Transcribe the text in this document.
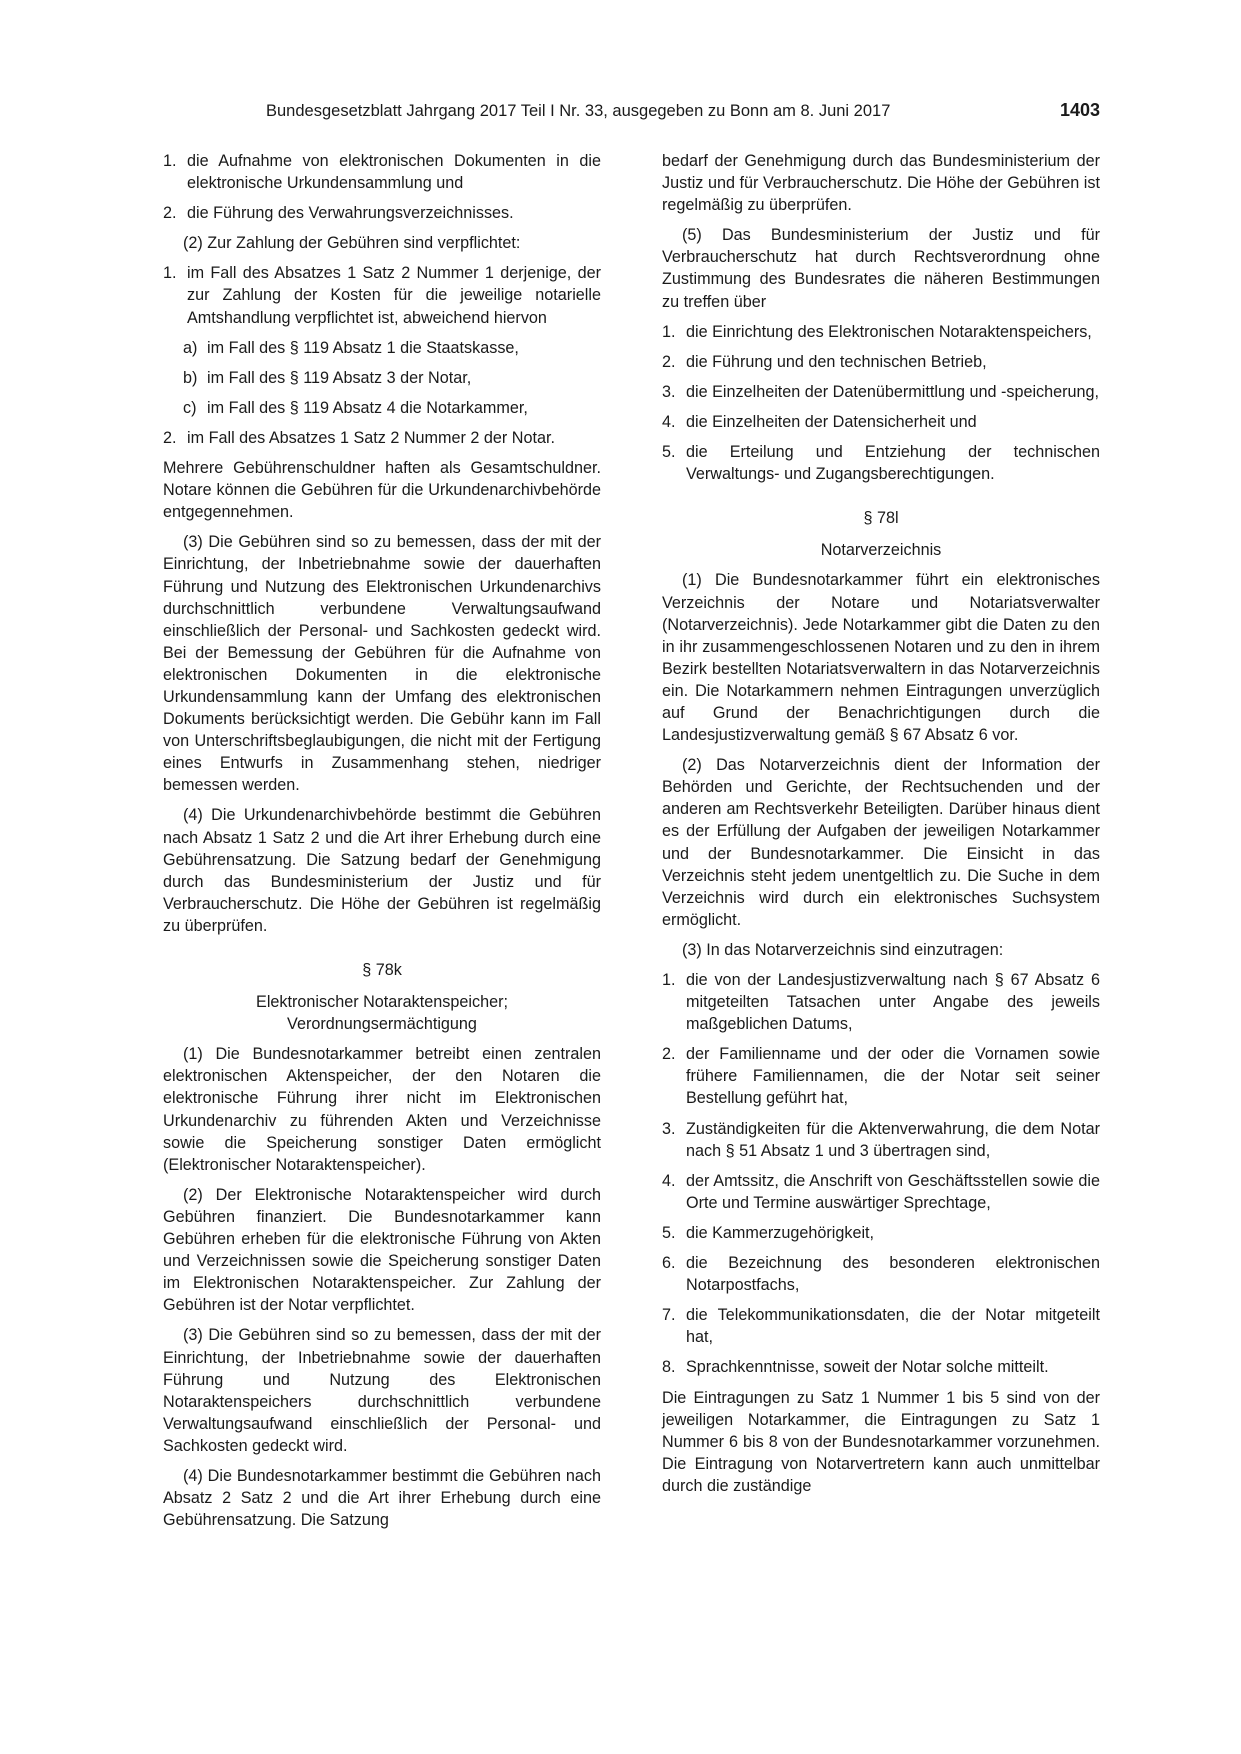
Bundesgesetzblatt Jahrgang 2017 Teil I Nr. 33, ausgegeben zu Bonn am 8. Juni 2017	1403
1. die Aufnahme von elektronischen Dokumenten in die elektronische Urkundensammlung und
2. die Führung des Verwahrungsverzeichnisses.

(2) Zur Zahlung der Gebühren sind verpflichtet:

1. im Fall des Absatzes 1 Satz 2 Nummer 1 derjenige, der zur Zahlung der Kosten für die jeweilige notarielle Amtshandlung verpflichtet ist, abweichend hiervon
a) im Fall des § 119 Absatz 1 die Staatskasse,
b) im Fall des § 119 Absatz 3 der Notar,
c) im Fall des § 119 Absatz 4 die Notarkammer,
2. im Fall des Absatzes 1 Satz 2 Nummer 2 der Notar.

Mehrere Gebührenschuldner haften als Gesamtschuldner. Notare können die Gebühren für die Urkundenarchivbehörde entgegennehmen.

(3) Die Gebühren sind so zu bemessen, dass der mit der Einrichtung, der Inbetriebnahme sowie der dauerhaften Führung und Nutzung des Elektronischen Urkundenarchivs durchschnittlich verbundene Verwaltungsaufwand einschließlich der Personal- und Sachkosten gedeckt wird. Bei der Bemessung der Gebühren für die Aufnahme von elektronischen Dokumenten in die elektronische Urkundensammlung kann der Umfang des elektronischen Dokuments berücksichtigt werden. Die Gebühr kann im Fall von Unterschriftsbeglaubigungen, die nicht mit der Fertigung eines Entwurfs in Zusammenhang stehen, niedriger bemessen werden.

(4) Die Urkundenarchivbehörde bestimmt die Gebühren nach Absatz 1 Satz 2 und die Art ihrer Erhebung durch eine Gebührensatzung. Die Satzung bedarf der Genehmigung durch das Bundesministerium der Justiz und für Verbraucherschutz. Die Höhe der Gebühren ist regelmäßig zu überprüfen.

§ 78k
Elektronischer Notaraktenspeicher; Verordnungsermächtigung

(1) Die Bundesnotarkammer betreibt einen zentralen elektronischen Aktenspeicher, der den Notaren die elektronische Führung ihrer nicht im Elektronischen Urkundenarchiv zu führenden Akten und Verzeichnisse sowie die Speicherung sonstiger Daten ermöglicht (Elektronischer Notaraktenspeicher).

(2) Der Elektronische Notaraktenspeicher wird durch Gebühren finanziert. Die Bundesnotarkammer kann Gebühren erheben für die elektronische Führung von Akten und Verzeichnissen sowie die Speicherung sonstiger Daten im Elektronischen Notaraktenspeicher. Zur Zahlung der Gebühren ist der Notar verpflichtet.

(3) Die Gebühren sind so zu bemessen, dass der mit der Einrichtung, der Inbetriebnahme sowie der dauerhaften Führung und Nutzung des Elektronischen Notaraktenspeichers durchschnittlich verbundene Verwaltungsaufwand einschließlich der Personal- und Sachkosten gedeckt wird.

(4) Die Bundesnotarkammer bestimmt die Gebühren nach Absatz 2 Satz 2 und die Art ihrer Erhebung durch eine Gebührensatzung. Die Satzung

bedarf der Genehmigung durch das Bundesministerium der Justiz und für Verbraucherschutz. Die Höhe der Gebühren ist regelmäßig zu überprüfen.

(5) Das Bundesministerium der Justiz und für Verbraucherschutz hat durch Rechtsverordnung ohne Zustimmung des Bundesrates die näheren Bestimmungen zu treffen über

1. die Einrichtung des Elektronischen Notaraktenspeichers,
2. die Führung und den technischen Betrieb,
3. die Einzelheiten der Datenübermittlung und -speicherung,
4. die Einzelheiten der Datensicherheit und
5. die Erteilung und Entziehung der technischen Verwaltungs- und Zugangsberechtigungen.
§ 78l
Notarverzeichnis

(1) Die Bundesnotarkammer führt ein elektronisches Verzeichnis der Notare und Notariatsverwalter (Notarverzeichnis). Jede Notarkammer gibt die Daten zu den in ihr zusammengeschlossenen Notaren und zu den in ihrem Bezirk bestellten Notariatsverwaltern in das Notarverzeichnis ein. Die Notarkammern nehmen Eintragungen unverzüglich auf Grund der Benachrichtigungen durch die Landesjustizverwaltung gemäß § 67 Absatz 6 vor.

(2) Das Notarverzeichnis dient der Information der Behörden und Gerichte, der Rechtsuchenden und der anderen am Rechtsverkehr Beteiligten. Darüber hinaus dient es der Erfüllung der Aufgaben der jeweiligen Notarkammer und der Bundesnotarkammer. Die Einsicht in das Verzeichnis steht jedem unentgeltlich zu. Die Suche in dem Verzeichnis wird durch ein elektronisches Suchsystem ermöglicht.

(3) In das Notarverzeichnis sind einzutragen:

1. die von der Landesjustizverwaltung nach § 67 Absatz 6 mitgeteilten Tatsachen unter Angabe des jeweils maßgeblichen Datums,
2. der Familienname und der oder die Vornamen sowie frühere Familiennamen, die der Notar seit seiner Bestellung geführt hat,
3. Zuständigkeiten für die Aktenverwahrung, die dem Notar nach § 51 Absatz 1 und 3 übertragen sind,
4. der Amtssitz, die Anschrift von Geschäftsstellen sowie die Orte und Termine auswärtiger Sprechtage,
5. die Kammerzugehörigkeit,
6. die Bezeichnung des besonderen elektronischen Notarpostfachs,
7. die Telekommunikationsdaten, die der Notar mitgeteilt hat,
8. Sprachkenntnisse, soweit der Notar solche mitteilt.

Die Eintragungen zu Satz 1 Nummer 1 bis 5 sind von der jeweiligen Notarkammer, die Eintragungen zu Satz 1 Nummer 6 bis 8 von der Bundesnotarkammer vorzunehmen. Die Eintragung von Notarvertretern kann auch unmittelbar durch die zuständige
